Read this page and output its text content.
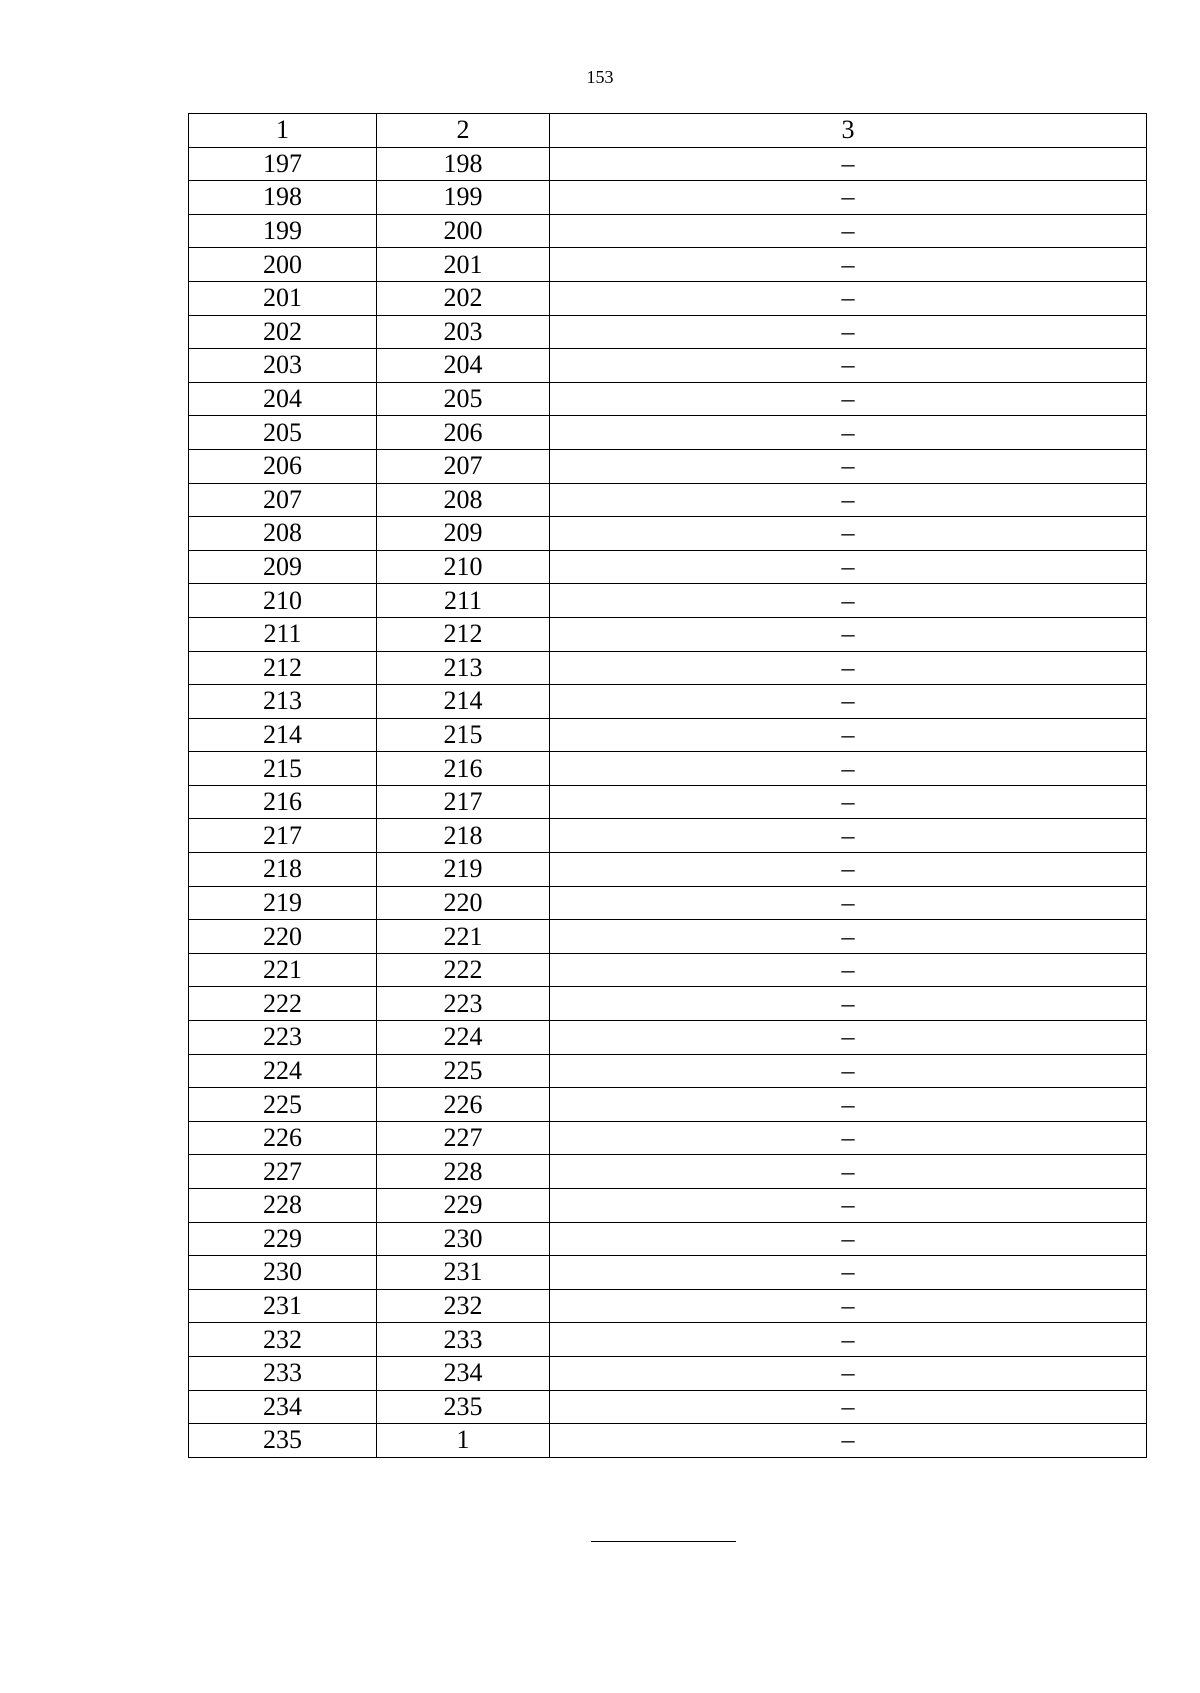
153
1	2	3
197	198	–
198	199	–
199	200	–
200	201	–
201	202	–
202	203	–
203	204	–
204	205	–
205	206	–
206	207	–
207	208	–
208	209	–
209	210	–
210	211	–
211	212	–
212	213	–
213	214	–
214	215	–
215	216	–
216	217	–
217	218	–
218	219	–
219	220	–
220	221	–
221	222	–
222	223	–
223	224	–
224	225	–
225	226	–
226	227	–
227	228	–
228	229	–
229	230	–
230	231	–
231	232	–
232	233	–
233	234	–
234	235	–
235	1	–
